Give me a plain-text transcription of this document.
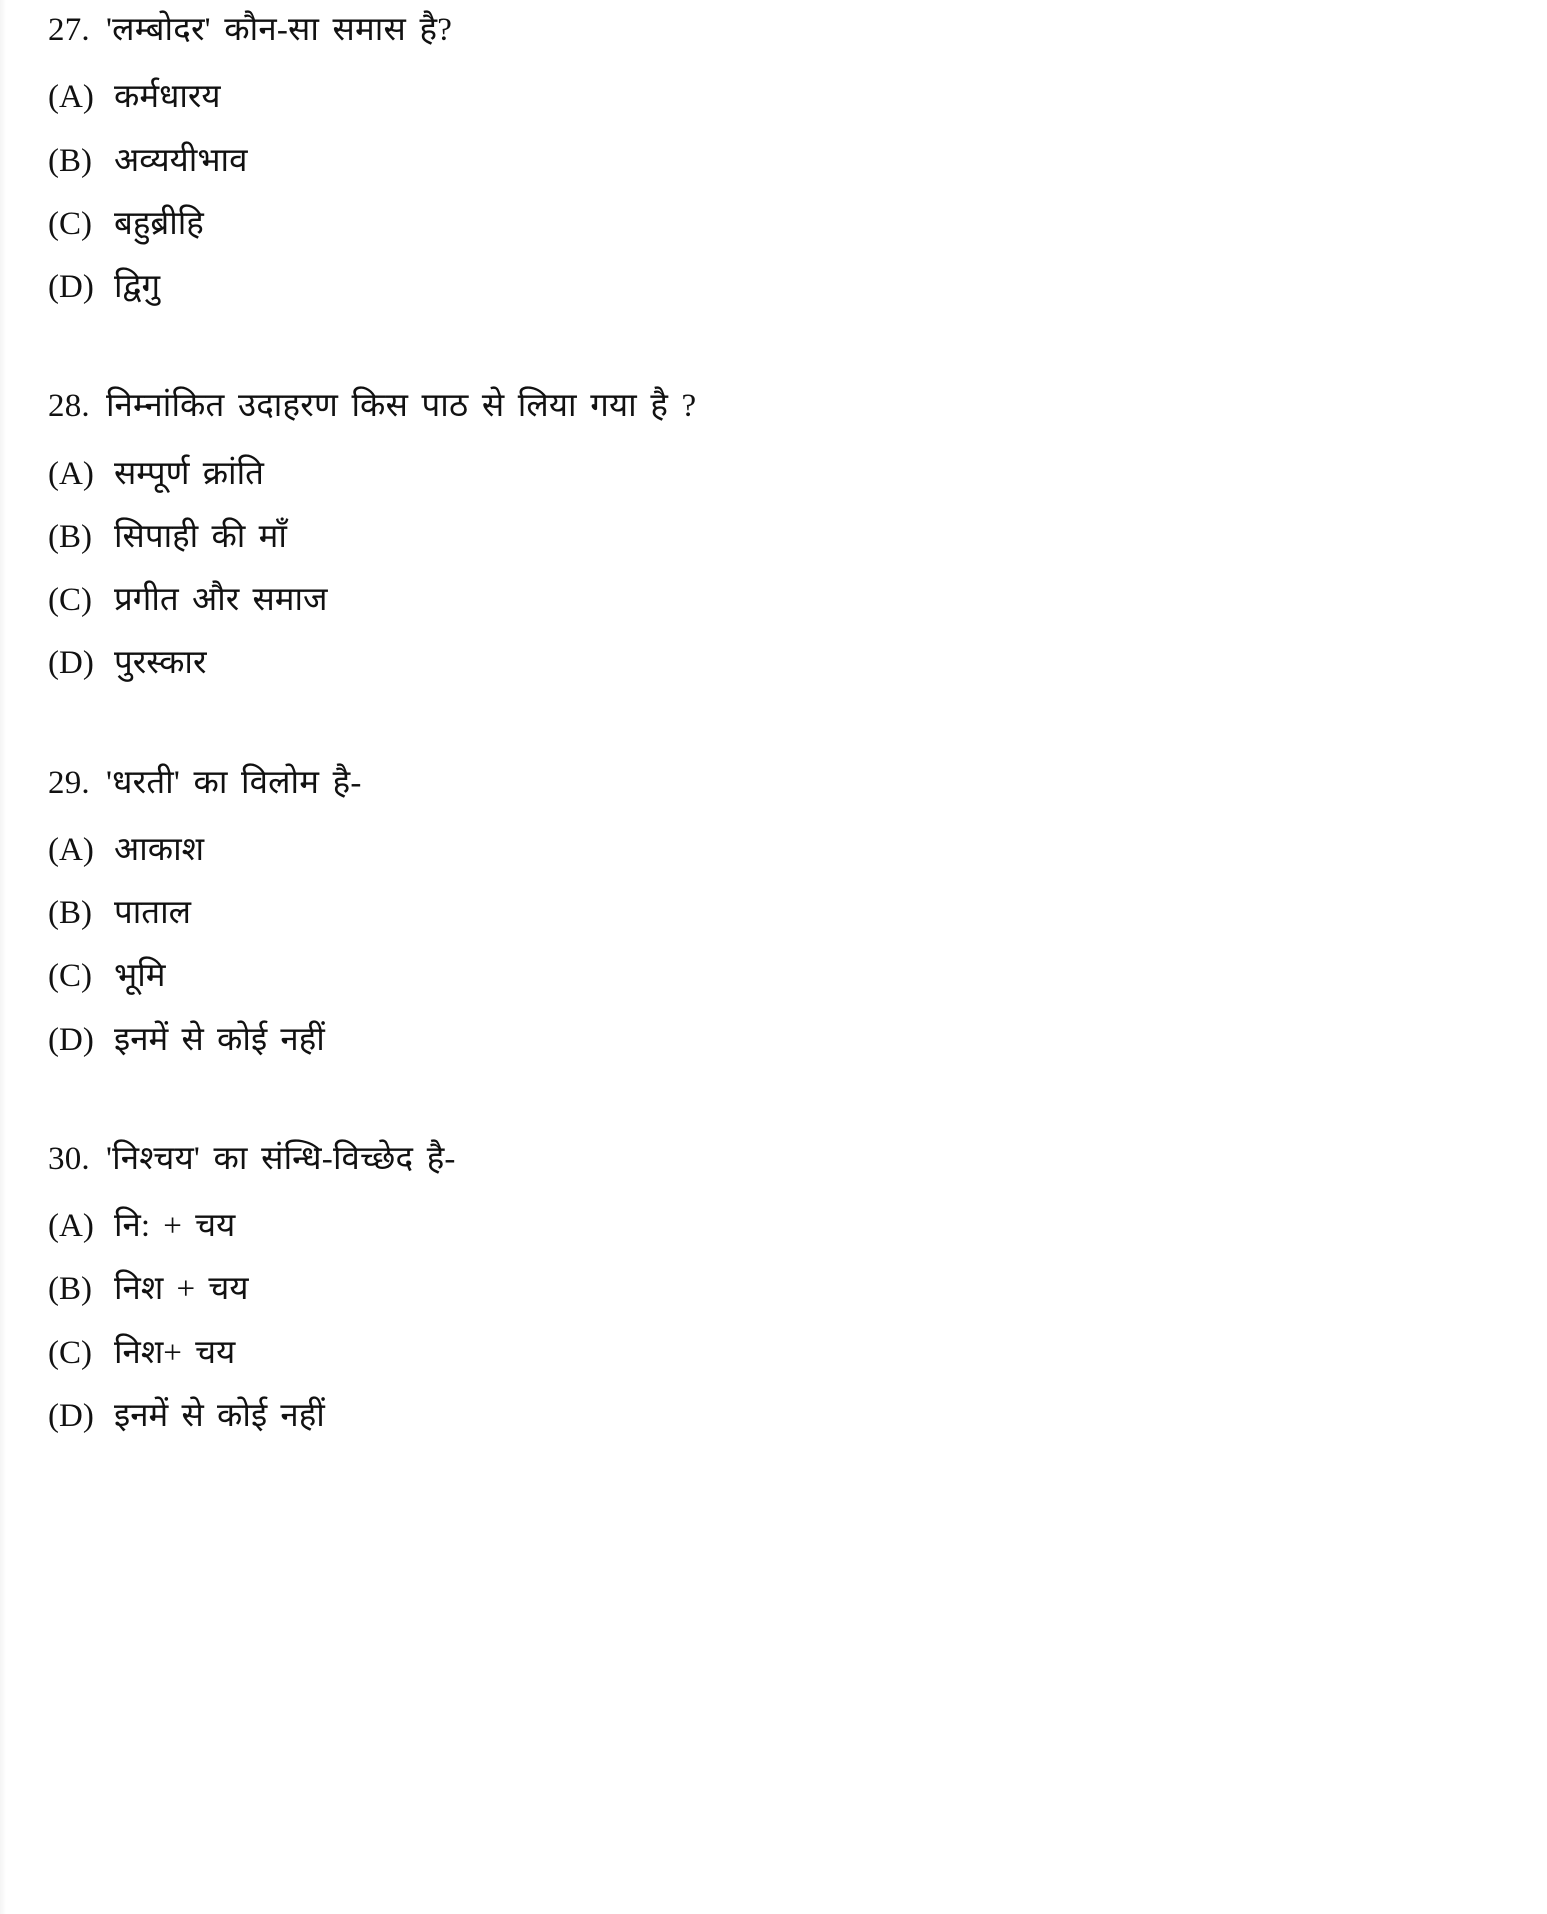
27. 'लम्बोदर' कौन-सा समास है?
(A) कर्मधारय
(B) अव्ययीभाव
(C) बहुब्रीहि
(D) द्विगु
28. निम्नांकित उदाहरण किस पाठ से लिया गया है ?
(A) सम्पूर्ण क्रांति
(B) सिपाही की माँ
(C) प्रगीत और समाज
(D) पुरस्कार
29. 'धरती' का विलोम है-
(A) आकाश
(B) पाताल
(C) भूमि
(D) इनमें से कोई नहीं
30. 'निश्चय' का संन्धि-विच्छेद है-
(A) नि: + चय
(B) निश + चय
(C) निश+ चय
(D) इनमें से कोई नहीं
